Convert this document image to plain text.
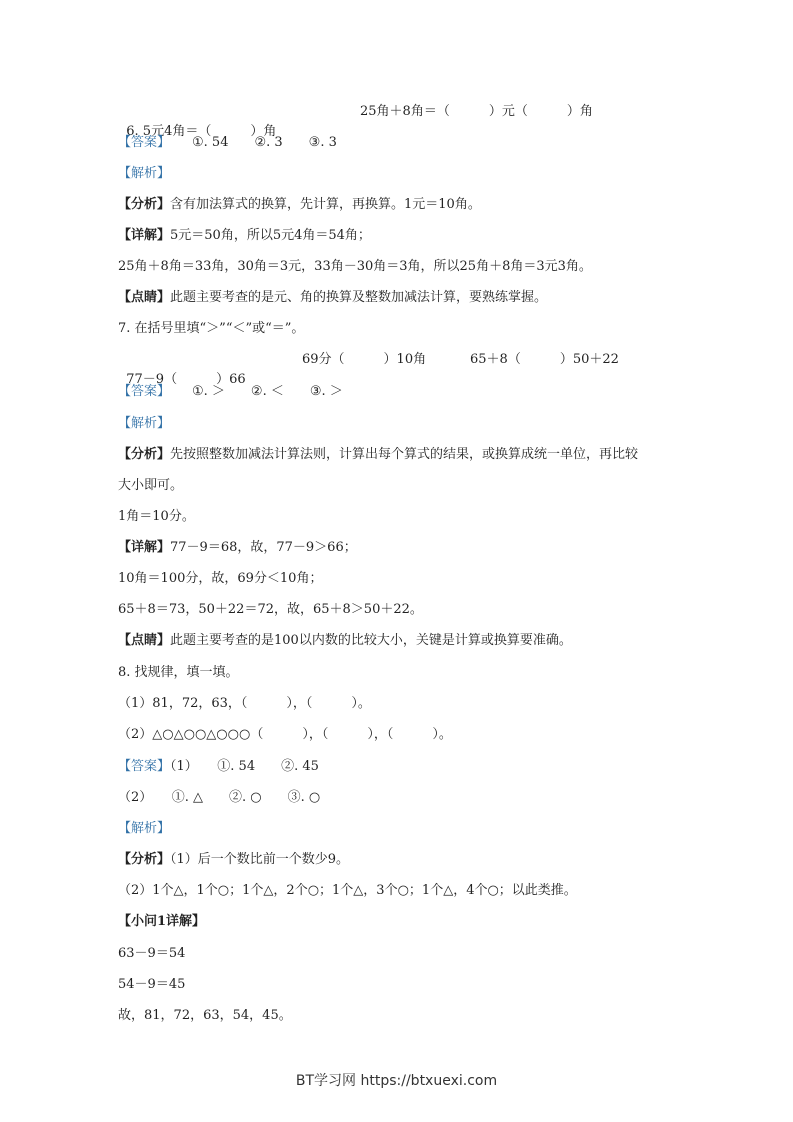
6. 5元4角＝（　　　）角

25角＋8角＝（　　　）元（　　　）角

【答案】 ①. 54　　②. 3　　③. 3
【解析】
【分析】含有加法算式的换算，先计算，再换算。1元＝10角。
【详解】5元＝50角，所以5元4角＝54角；
25角＋8角＝33角，30角＝3元，33角－30角＝3角，所以25角＋8角＝3元3角。
【点睛】此题主要考查的是元、角的换算及整数加减法计算，要熟练掌握。
7. 在括号里填“＞”“＜”或“＝”。

77－9（　　　）66

69分（　　　）10角

	65＋8（　　　）50＋22

【答案】 ①. ＞　　②. ＜　　③. ＞
【解析】
【分析】先按照整数加减法计算法则，计算出每个算式的结果，或换算成统一单位，再比较
大小即可。
1角＝10分。
【详解】77－9＝68，故，77－9＞66；
10角＝100分，故，69分＜10角；
65＋8＝73，50＋22＝72，故，65＋8＞50＋22。
【点睛】此题主要考查的是100以内数的比较大小，关键是计算或换算要准确。
8. 找规律，填一填。
（1）81，72，63，（　　　），（　　　）。
（2）△○△○○△○○○（　　　），（　　　），（　　　）。
【答案】（1）　　①. 54　　②. 45
（2）　　①. △　　②. ○　　③. ○
【解析】
【分析】（1）后一个数比前一个数少9。
（2）1个△，1个○；1个△，2个○；1个△，3个○；1个△，4个○；以此类推。
【小问1详解】
63－9＝54
54－9＝45
故，81，72，63，54，45。
BT学习网 https://btxuexi.com
